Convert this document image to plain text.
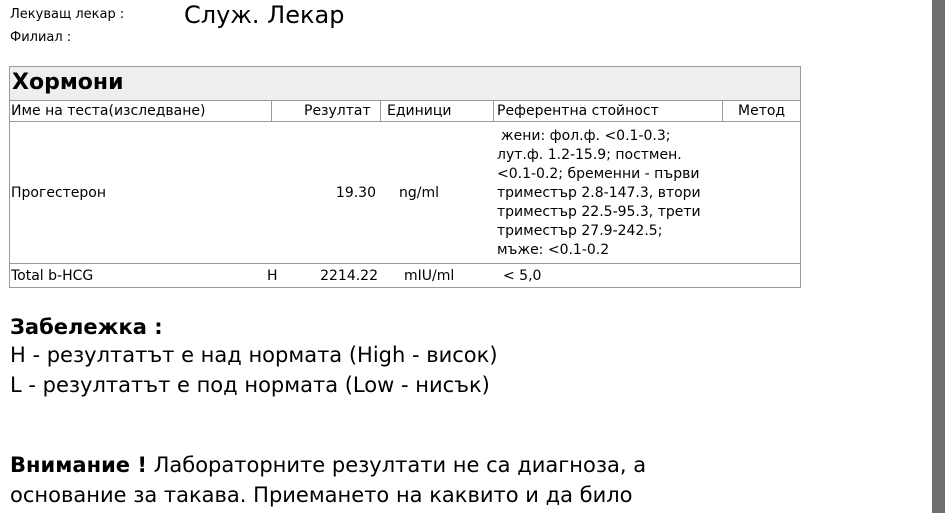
Лекуващ лекар : Служ. Лекар
Филиал :
Хормони
Име на теста(изследване)	Резултат Единици	Референтна стойност	Метод
Прогестерон	19.30 ng/ml
жени: фол.ф. <0.1-0.3;
лут.ф. 1.2-15.9; постмен.
<0.1-0.2; бременни - първи
триместър 2.8-147.3, втори
триместър 22.5-95.3, трети
триместър 27.9-242.5;
мъже: <0.1-0.2
Total b-HCG	H	2214.22 mIU/ml	< 5,0
Забележка :
H - резултатът е над нормата (High - висок)
L - резултатът е под нормата (Low - нисък)
Внимание ! Лабораторните резултати не са диагноза, а
основание за такава. Приемането на каквито и да било
